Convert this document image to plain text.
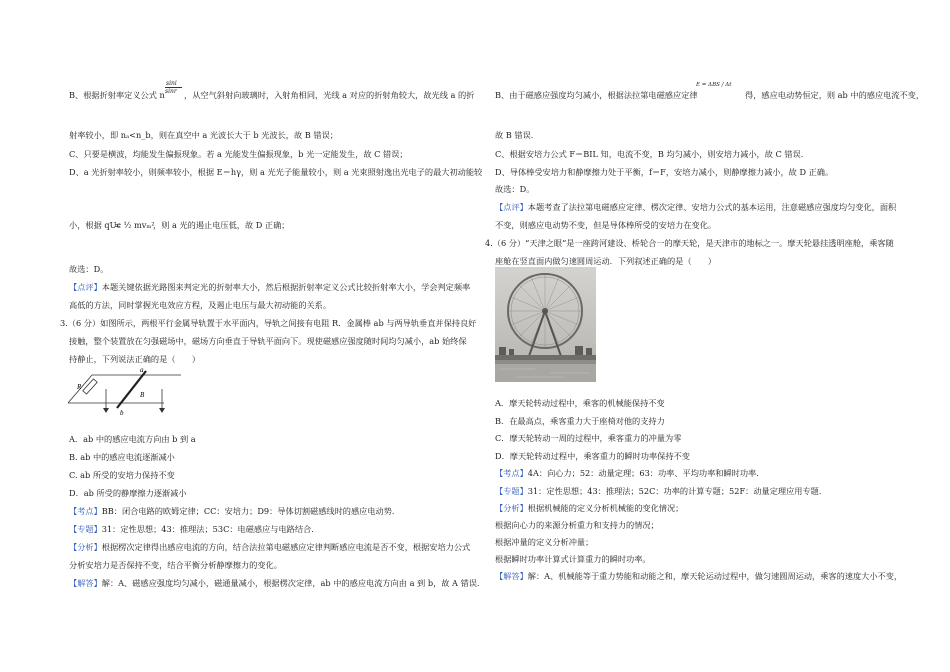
B、根据折射率定义公式 n
sini
sinr ，从空气斜射向玻璃时，入射角相同，光线 a 对应的折射角较大，故光线 a 的折
射率较小，即 nₐ<n_b，则在真空中 a 光波长大于 b 光波长，故 B 错误；
C、只要是横波，均能发生偏振现象。若 a 光能发生偏振现象，b 光一定能发生，故 C 错误；
D、a 光折射率较小，则频率较小，根据 E＝hγ，则 a 光光子能量较小，则 a 光束照射逸出光电子的最大初动能较
小，根据 qUc
= ½ mvₘ²
，则 a 光的遏止电压低，故 D 正确；
故选：D。
【点评】本题关键依据光路图来判定光的折射率大小，然后根据折射率定义公式比较折射率大小，学会判定频率
高低的方法，同时掌握光电效应方程，及遏止电压与最大初动能的关系。
3.（6 分）如图所示，两根平行金属导轨置于水平面内，导轨之间接有电阻 R．金属棒 ab 与两导轨垂直并保持良好
接触，整个装置放在匀强磁场中，磁场方向垂直于导轨平面向下。现使磁感应强度随时间均匀减小，ab 始终保
持静止，下列说法正确的是（　　）
R
a
b
B
A．ab 中的感应电流方向由 b 到 a
B. ab 中的感应电流逐渐减小
C. ab 所受的安培力保持不变
D．ab 所受的静摩擦力逐渐减小
【考点】BB：闭合电路的欧姆定律；CC：安培力；D9：导体切割磁感线时的感应电动势．
【专题】31：定性思想；43：推理法；53C：电磁感应与电路结合．
【分析】根据楞次定律得出感应电流的方向，结合法拉第电磁感应定律判断感应电流是否不变，根据安培力公式
分析安培力是否保持不变，结合平衡分析静摩擦力的变化。
【解答】解：A、磁感应强度均匀减小，磁通量减小，根据楞次定律，ab 中的感应电流方向由 a 到 b，故 A 错误．
B、由于磁感应强度均匀减小，根据法拉第电磁感应定律
E = ΔBS / Δt
得，感应电动势恒定，则 ab 中的感应电流不变，
故 B 错误．
C、根据安培力公式 F＝BIL 知，电流不变，B 均匀减小，则安培力减小，故 C 错误．
D、导体棒受安培力和静摩擦力处于平衡，f＝F，安培力减小，则静摩擦力减小，故 D 正确。
故选：D。
【点评】本题考查了法拉第电磁感应定律、楞次定律、安培力公式的基本运用，注意磁感应强度均匀变化，面积
不变，则感应电动势不变，但是导体棒所受的安培力在变化。
4.（6 分）“天津之眼”是一座跨河建设、桥轮合一的摩天轮，是天津市的地标之一。摩天轮悬挂透明座舱，乘客随
座舱在竖直面内做匀速圆周运动．下列叙述正确的是（　　）
A．摩天轮转动过程中，乘客的机械能保持不变
B．在最高点，乘客重力大于座椅对他的支持力
C．摩天轮转动一周的过程中，乘客重力的冲量为零
D．摩天轮转动过程中，乘客重力的瞬时功率保持不变
【考点】4A：向心力；52：动量定理；63：功率、平均功率和瞬时功率．
【专题】31：定性思想；43：推理法；52C：功率的计算专题；52F：动量定理应用专题．
【分析】根据机械能的定义分析机械能的变化情况；
根据向心力的来源分析重力和支持力的情况；
根据冲量的定义分析冲量；
根据瞬时功率计算式计算重力的瞬时功率。
【解答】解：A、机械能等于重力势能和动能之和，摩天轮运动过程中，做匀速圆周运动，乘客的速度大小不变，
